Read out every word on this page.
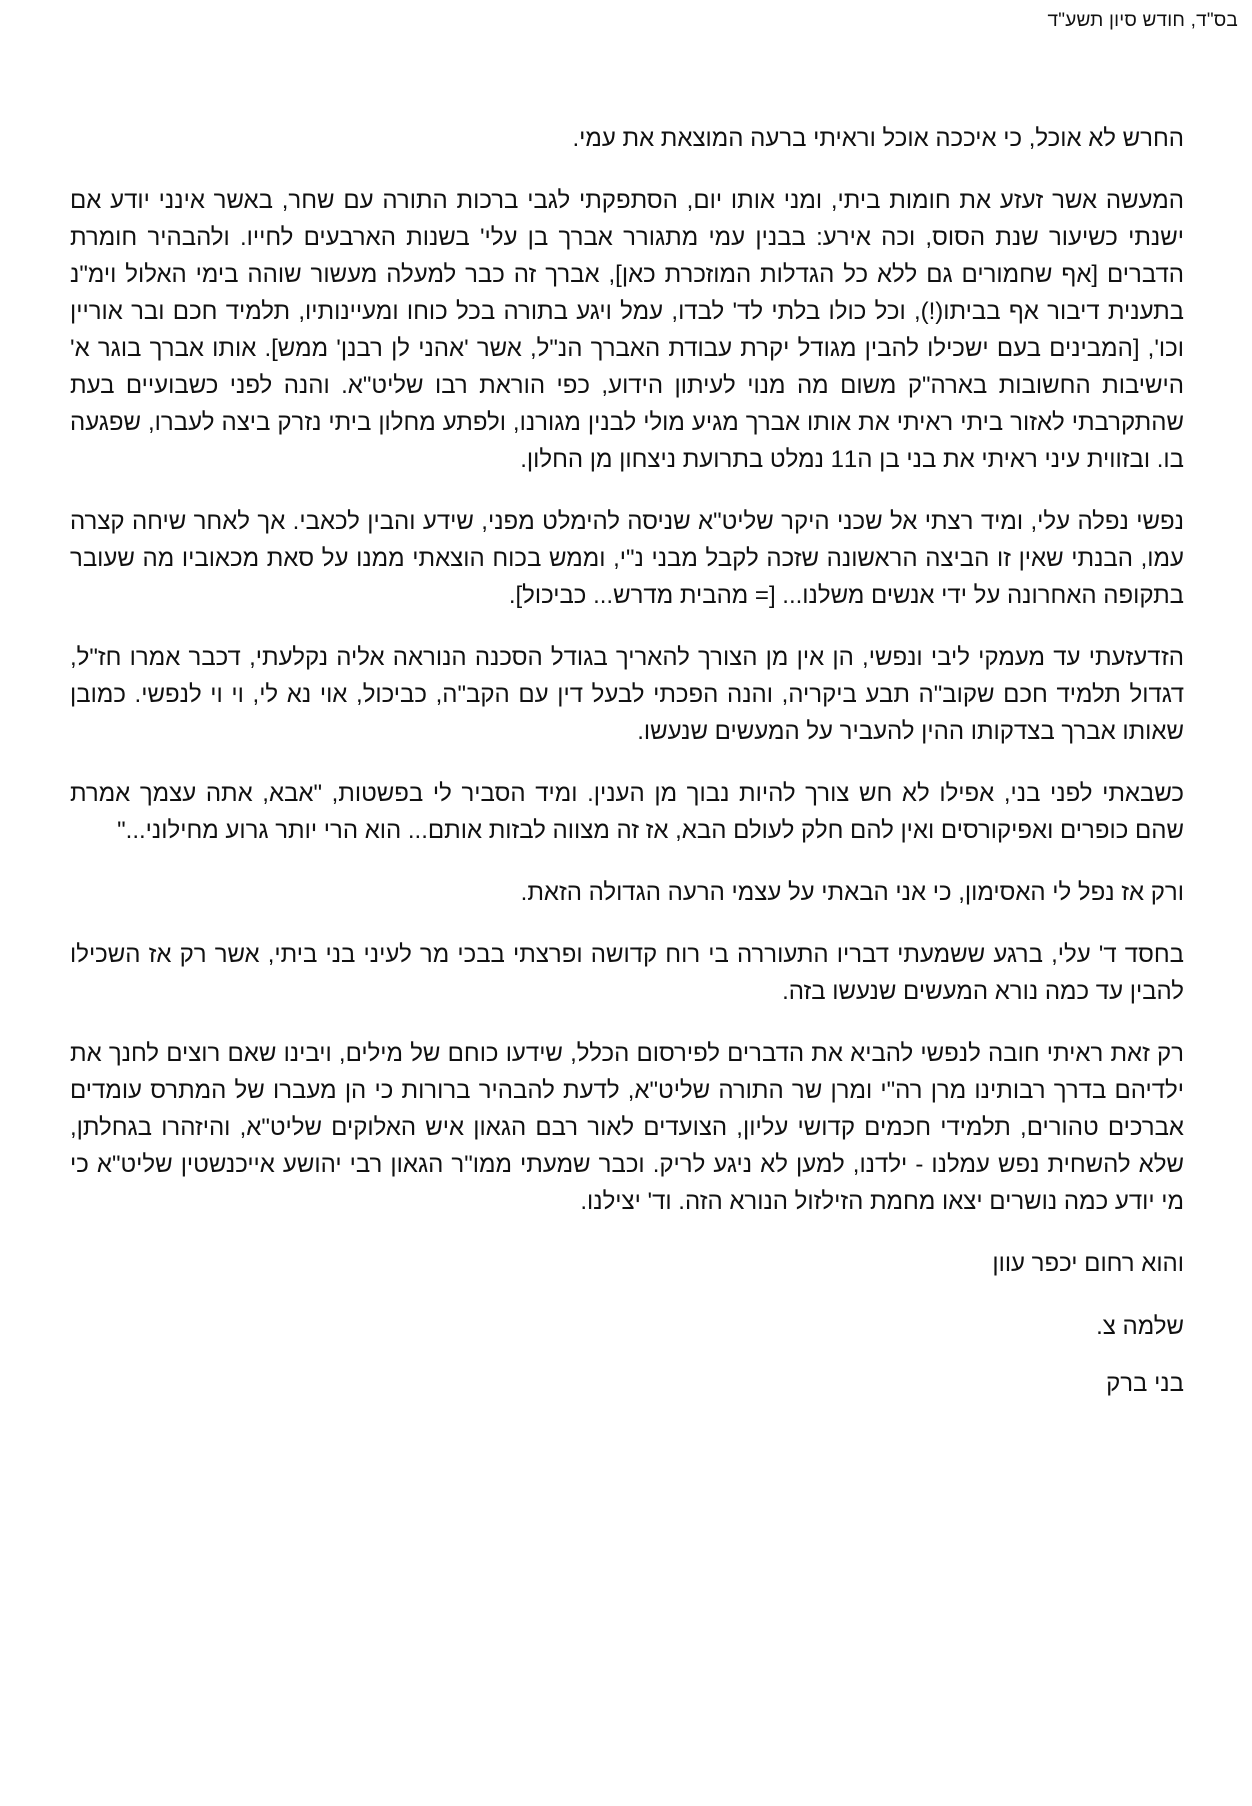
בס"ד, חודש סיון תשע"ד

החרש לא אוכל, כי איככה אוכל וראיתי ברעה המוצאת את עמי.

המעשה אשר זעזע את חומות ביתי, ומני אותו יום, הסתפקתי לגבי ברכות התורה עם שחר, באשר אינני יודע אם ישנתי כשיעור שנת הסוס, וכה אירע: בבנין עמי מתגורר אברך בן עלי' בשנות הארבעים לחייו. ולהבהיר חומרת הדברים [אף שחמורים גם ללא כל הגדלות המוזכרת כאן], אברך זה כבר למעלה מעשור שוהה בימי האלול וימ"נ בתענית דיבור אף בביתו(!), וכל כולו בלתי לד' לבדו, עמל ויגע בתורה בכל כוחו ומעיינותיו, תלמיד חכם ובר אוריין וכו', [המבינים בעם ישכילו להבין מגודל יקרת עבודת האברך הנ"ל, אשר 'אהני לן רבנן' ממש]. אותו אברך בוגר א' הישיבות החשובות בארה"ק משום מה מנוי לעיתון הידוע, כפי הוראת רבו שליט"א. והנה לפני כשבועיים בעת שהתקרבתי לאזור ביתי ראיתי את אותו אברך מגיע מולי לבנין מגורנו, ולפתע מחלון ביתי נזרק ביצה לעברו, שפגעה בו. ובזווית עיני ראיתי את בני בן ה11 נמלט בתרועת ניצחון מן החלון.

נפשי נפלה עלי, ומיד רצתי אל שכני היקר שליט"א שניסה להימלט מפני, שידע והבין לכאבי. אך לאחר שיחה קצרה עמו, הבנתי שאין זו הביצה הראשונה שזכה לקבל מבני נ"י, וממש בכוח הוצאתי ממנו על סאת מכאוביו מה שעובר בתקופה האחרונה על ידי אנשים משלנו... [= מהבית מדרש... כביכול].

הזדעזעתי עד מעמקי ליבי ונפשי, הן אין מן הצורך להאריך בגודל הסכנה הנוראה אליה נקלעתי, דכבר אמרו חז"ל, דגדול תלמיד חכם שקוב"ה תבע ביקריה, והנה הפכתי לבעל דין עם הקב"ה, כביכול, אוי נא לי, וי וי לנפשי. כמובן שאותו אברך בצדקותו ההין להעביר על המעשים שנעשו.

כשבאתי לפני בני, אפילו לא חש צורך להיות נבוך מן הענין. ומיד הסביר לי בפשטות, "אבא, אתה עצמך אמרת שהם כופרים ואפיקורסים ואין להם חלק לעולם הבא, אז זה מצווה לבזות אותם... הוא הרי יותר גרוע מחילוני..."

ורק אז נפל לי האסימון, כי אני הבאתי על עצמי הרעה הגדולה הזאת.

בחסד ד' עלי, ברגע ששמעתי דבריו התעוררה בי רוח קדושה ופרצתי בבכי מר לעיני בני ביתי, אשר רק אז השכילו להבין עד כמה נורא המעשים שנעשו בזה.

רק זאת ראיתי חובה לנפשי להביא את הדברים לפירסום הכלל, שידעו כוחם של מילים, ויבינו שאם רוצים לחנך את ילדיהם בדרך רבותינו מרן רה"י ומרן שר התורה שליט"א, לדעת להבהיר ברורות כי הן מעברו של המתרס עומדים אברכים טהורים, תלמידי חכמים קדושי עליון, הצועדים לאור רבם הגאון איש האלוקים שליט"א, והיזהרו בגחלתן, שלא להשחית נפש עמלנו - ילדנו, למען לא ניגע לריק. וכבר שמעתי ממו"ר הגאון רבי יהושע אייכנשטין שליט"א כי מי יודע כמה נושרים יצאו מחמת הזילזול הנורא הזה. וד' יצילנו.

והוא רחום יכפר עוון

שלמה צ.

בני ברק
